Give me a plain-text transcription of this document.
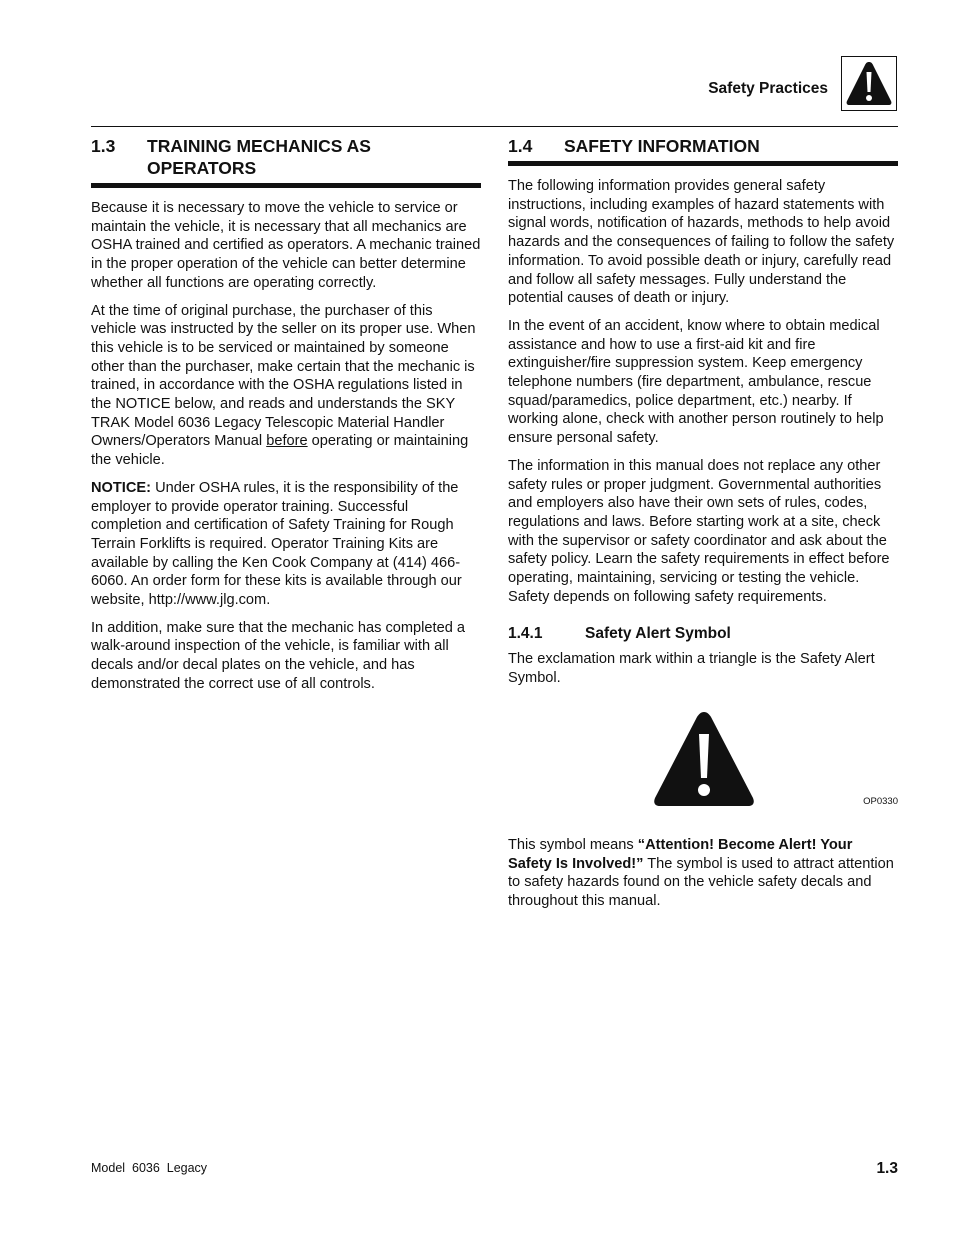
Safety Practices
1.3	TRAINING MECHANICS AS OPERATORS

Because it is necessary to move the vehicle to service or maintain the vehicle, it is necessary that all mechanics are OSHA trained and certified as operators. A mechanic trained in the proper operation of the vehicle can better determine whether all functions are operating correctly.

At the time of original purchase, the purchaser of this vehicle was instructed by the seller on its proper use. When this vehicle is to be serviced or maintained by someone other than the purchaser, make certain that the mechanic is trained, in accordance with the OSHA regulations listed in the NOTICE below, and reads and understands the SKY TRAK Model 6036 Legacy Telescopic Material Handler Owners/Operators Manual before operating or maintaining the vehicle.

NOTICE: Under OSHA rules, it is the responsibility of the employer to provide operator training. Successful completion and certification of Safety Training for Rough Terrain Forklifts is required. Operator Training Kits are available by calling the Ken Cook Company at (414) 466-6060. An order form for these kits is available through our website, http://www.jlg.com.

In addition, make sure that the mechanic has completed a walk-around inspection of the vehicle, is familiar with all decals and/or decal plates on the vehicle, and has demonstrated the correct use of all controls.

1.4	SAFETY INFORMATION

The following information provides general safety instructions, including examples of hazard statements with signal words, notification of hazards, methods to help avoid hazards and the consequences of failing to follow the safety information. To avoid possible death or injury, carefully read and follow all safety messages. Fully understand the potential causes of death or injury.

In the event of an accident, know where to obtain medical assistance and how to use a first-aid kit and fire extinguisher/fire suppression system. Keep emergency telephone numbers (fire department, ambulance, rescue squad/paramedics, police department, etc.) nearby. If working alone, check with another person routinely to help ensure personal safety.

The information in this manual does not replace any other safety rules or proper judgment. Governmental authorities and employers also have their own sets of rules, codes, regulations and laws. Before starting work at a site, check with the supervisor or safety coordinator and ask about the safety policy. Learn the safety requirements in effect before operating, maintaining, servicing or testing the vehicle. Safety depends on following safety requirements.

1.4.1	Safety Alert Symbol

The exclamation mark within a triangle is the Safety Alert Symbol.

OP0330

This symbol means “Attention! Become Alert! Your Safety Is Involved!” The symbol is used to attract attention to safety hazards found on the vehicle safety decals and throughout this manual.

Model  6036  Legacy	1.3
